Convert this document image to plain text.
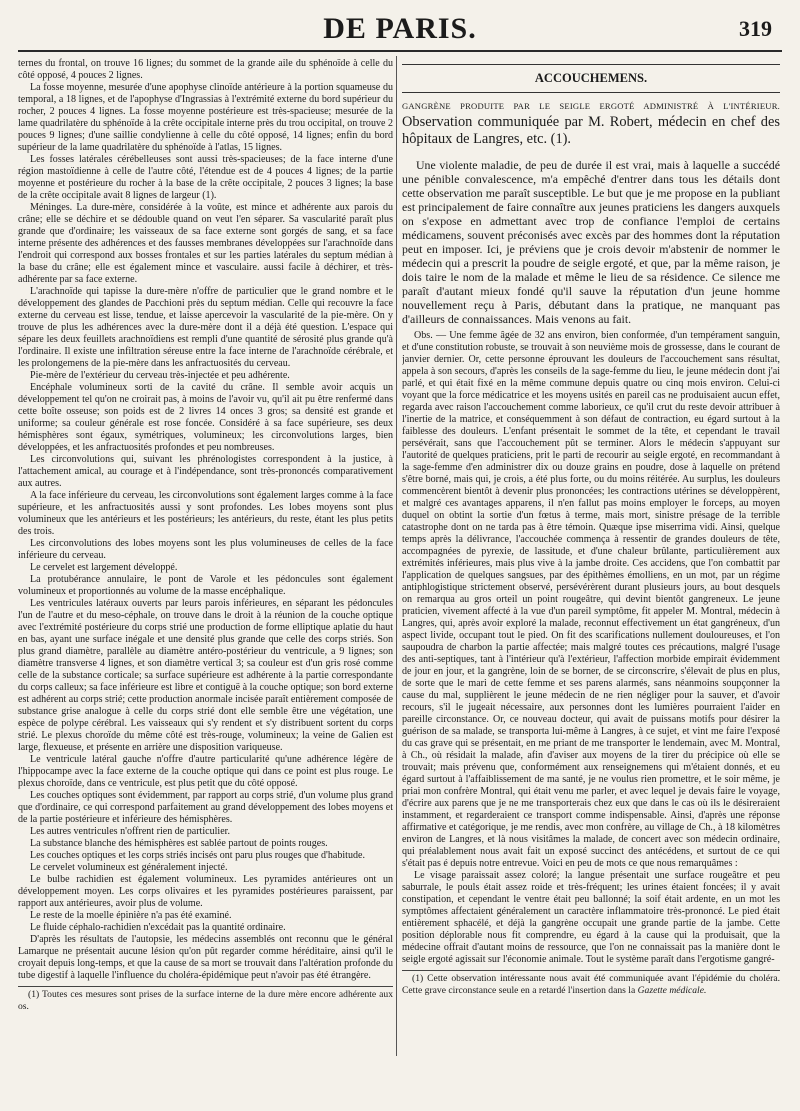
DE PARIS.	319

ternes du frontal, on trouve 16 lignes; du sommet de la grande aile du sphénoïde à celle du côté opposé, 4 pouces 2 lignes.

La fosse moyenne, mesurée d'une apophyse clinoïde antérieure à la portion squameuse du temporal, a 18 lignes, et de l'apophyse d'Ingrassias à l'extrémité externe du bord supérieur du rocher, 2 pouces 4 lignes. La fosse moyenne postérieure est très-spacieuse; mesurée de la lame quadrilatère du sphénoïde à la crête occipitale interne près du trou occipital, on trouve 2 pouces 9 lignes; d'une saillie condylienne à celle du côté opposé, 14 lignes; enfin du bord supérieur de la lame quadrilatère du sphénoïde à l'atlas, 15 lignes.

Les fosses latérales cérébelleuses sont aussi très-spacieuses; de la face interne d'une région mastoïdienne à celle de l'autre côté, l'étendue est de 4 pouces 4 lignes; de la partie moyenne et postérieure du rocher à la base de la crête occipitale, 2 pouces 3 lignes; la base de la crête occipitale avait 8 lignes de largeur (1).

Méninges. La dure-mère, considérée à la voûte, est mince et adhérente aux parois du crâne; elle se déchire et se dédouble quand on veut l'en séparer. Sa vascularité paraît plus grande que d'ordinaire; les vaisseaux de sa face externe sont gorgés de sang, et sa face interne présente des adhérences et des fausses membranes développées sur l'arachnoïde dans l'endroit qui correspond aux bosses frontales et sur les parties latérales du septum médian à la base du crâne; elle est également mince et vasculaire. aussi facile à déchirer, et très-adhérente par sa face externe.

L'arachnoïde qui tapisse la dure-mère n'offre de particulier que le grand nombre et le développement des glandes de Pacchioni près du septum médian. Celle qui recouvre la face externe du cerveau est lisse, tendue, et laisse apercevoir la vascularité de la pie-mère. On y trouve de plus les adhérences avec la dure-mère dont il a déjà été question. L'espace qui sépare les deux feuillets arachnoïdiens est rempli d'une quantité de sérosité plus grande qu'à l'ordinaire. Il existe une infiltration séreuse entre la face interne de l'arachnoïde cérébrale, et les prolongemens de la pie-mère dans les anfractuosités du cerveau.

Pie-mère de l'extérieur du cerveau très-injectée et peu adhérente.

Encéphale volumineux sorti de la cavité du crâne. Il semble avoir acquis un développement tel qu'on ne croirait pas, à moins de l'avoir vu, qu'il ait pu être renfermé dans cette boîte osseuse; son poids est de 2 livres 14 onces 3 gros; sa densité est grande et uniforme; sa couleur générale est rose foncée. Considéré à sa face supérieure, ses deux hémisphères sont égaux, symétriques, volumineux; les circonvolutions larges, bien développées, et les anfractuosités profondes et peu nombreuses.

Les circonvolutions qui, suivant les phrénologistes correspondent à la justice, à l'attachement amical, au courage et à l'indépendance, sont très-prononcés comparativement aux autres.

A la face inférieure du cerveau, les circonvolutions sont également larges comme à la face supérieure, et les anfractuosités aussi y sont profondes. Les lobes moyens sont plus volumineux que les antérieurs et les postérieurs; les antérieurs, du reste, étant les plus petits des trois.

Les circonvolutions des lobes moyens sont les plus volumineuses de celles de la face inférieure du cerveau.

Le cervelet est largement développé.

La protubérance annulaire, le pont de Varole et les pédoncules sont également volumineux et proportionnés au volume de la masse encéphalique.

Les ventricules latéraux ouverts par leurs parois inférieures, en séparant les pédoncules l'un de l'autre et du meso-céphale, on trouve dans le droit à la réunion de la couche optique avec l'extrémité postérieure du corps strié une production de forme elliptique aplatie du haut en bas, ayant une surface inégale et une densité plus grande que celle des corps striés. Son plus grand diamètre, parallèle au diamètre antéro-postérieur du ventricule, a 9 lignes; son diamètre transverse 4 lignes, et son diamètre vertical 3; sa couleur est d'un gris rosé comme celle de la substance corticale; sa surface supérieure est adhérente à la partie correspondante du corps calleux; sa face inférieure est libre et contiguë à la couche optique; son bord externe est adhérent au corps strié; cette production anormale incisée paraît entièrement composée de substance grise analogue à celle du corps strié dont elle semble être une végétation, une espèce de polype cérébral. Les vaisseaux qui s'y rendent et s'y distribuent sortent du corps strié. Le plexus choroïde du même côté est très-rouge, volumineux; la veine de Galien est large, flexueuse, et présente en arrière une disposition variqueuse.

Le ventricule latéral gauche n'offre d'autre particularité qu'une adhérence légère de l'hippocampe avec la face externe de la couche optique qui dans ce point est plus rouge. Le plexus choroïde, dans ce ventricule, est plus petit que du côté opposé.

Les couches optiques sont évidemment, par rapport au corps strié, d'un volume plus grand que d'ordinaire, ce qui correspond parfaitement au grand développement des lobes moyens et de la partie postérieure et inférieure des hémisphères.

Les autres ventricules n'offrent rien de particulier.

La substance blanche des hémisphères est sablée partout de points rouges.

Les couches optiques et les corps striés incisés ont paru plus rouges que d'habitude.

Le cervelet volumineux est généralement injecté.

Le bulbe rachidien est également volumineux. Les pyramides antérieures ont un développement moyen. Les corps olivaires et les pyramides postérieures paraissent, par rapport aux antérieures, avoir plus de volume.

Le reste de la moelle épinière n'a pas été examiné.

Le fluide céphalo-rachidien n'excédait pas la quantité ordinaire.

D'après les résultats de l'autopsie, les médecins assemblés ont reconnu que le général Lamarque ne présentait aucune lésion qu'on pût regarder comme héréditaire, ainsi qu'il le croyait depuis long-temps, et que la cause de sa mort se trouvait dans l'altération profonde du tube digestif à laquelle l'influence du choléra-épidémique peut n'avoir pas été étrangère.

(1) Toutes ces mesures sont prises de la surface interne de la dure mère encore adhérente aux os.

ACCOUCHEMENS.

GANGRÈNE PRODUITE PAR LE SEIGLE ERGOTÉ ADMINISTRÉ À L'INTÉRIEUR. Observation communiquée par M. Robert, médecin en chef des hôpitaux de Langres, etc. (1).

Une violente maladie, de peu de durée il est vrai, mais à laquelle a succédé une pénible convalescence, m'a empêché d'entrer dans tous les détails dont cette observation me paraît susceptible. Le but que je me propose en la publiant est principalement de faire connaître aux jeunes praticiens les dangers auxquels on s'expose en admettant avec trop de confiance l'emploi de certains médicamens, souvent préconisés avec excès par des hommes dont la réputation peut en imposer. Ici, je préviens que je crois devoir m'abstenir de nommer le médecin qui a prescrit la poudre de seigle ergoté, et que, par la même raison, je dois taire le nom de la malade et même le lieu de sa résidence. Ce silence me paraît d'autant mieux fondé qu'il sauve la réputation d'un jeune homme nouvellement reçu à Paris, débutant dans la pratique, ne manquant pas d'ailleurs de connaissances. Mais venons au fait.

Obs. — Une femme âgée de 32 ans environ, bien conformée, d'un tempérament sanguin, et d'une constitution robuste, se trouvait à son neuvième mois de grossesse, dans le courant de janvier dernier. Or, cette personne éprouvant les douleurs de l'accouchement sans résultat, appela à son secours, d'après les conseils de la sage-femme du lieu, le jeune médecin dont j'ai parlé, et qui était fixé en la même commune depuis quatre ou cinq mois environ. Celui-ci voyant que la force médicatrice et les moyens usités en pareil cas ne produisaient aucun effet, regarda avec raison l'accouchement comme laborieux, ce qu'il crut du reste devoir attribuer à l'inertie de la matrice, et conséquemment à son défaut de contraction, eu égard surtout à la faiblesse des douleurs. L'enfant présentait le sommet de la tête, et cependant le travail persévérait, sans que l'accouchement pût se terminer. Alors le médecin s'appuyant sur l'autorité de quelques praticiens, prit le parti de recourir au seigle ergoté, en recommandant à la sage-femme d'en administrer dix ou douze grains en poudre, dose à laquelle on prétend s'être borné, mais qui, je crois, a été plus forte, ou du moins réitérée. Au surplus, les douleurs commencèrent bientôt à devenir plus prononcées; les contractions utérines se développèrent, et malgré ces avantages apparens, il n'en fallut pas moins employer le forceps, au moyen duquel on obtint la sortie d'un fœtus à terme, mais mort, sinistre présage de la terrible catastrophe dont on ne tarda pas à être témoin. Quæque ipse miserrima vidi. Ainsi, quelque temps après la délivrance, l'accouchée commença à ressentir de grandes douleurs de tête, accompagnées de pyrexie, de lassitude, et d'une chaleur brûlante, particulièrement aux extrémités inférieures, mais plus vive à la jambe droite. Ces accidens, que l'on combattit par l'application de quelques sangsues, par des épithèmes émolliens, en un mot, par un régime antiphlogistique strictement observé, persévérèrent durant plusieurs jours, au bout desquels on remarqua au gros orteil un point rougeâtre, qui devint bientôt gangreneux. Le jeune praticien, vivement affecté à la vue d'un pareil symptôme, fit appeler M. Montral, médecin à Langres, qui, après avoir exploré la malade, reconnut effectivement un état gangréneux, d'un aspect livide, occupant tout le pied. On fit des scarifications nullement douloureuses, et l'on saupoudra de charbon la partie affectée; mais malgré toutes ces précautions, malgré l'usage des anti-septiques, tant à l'intérieur qu'à l'extérieur, l'affection morbide empirait évidemment de jour en jour, et la gangrène, loin de se borner, de se circonscrire, s'élevait de plus en plus, de sorte que le mari de cette femme et ses parens alarmés, sans néanmoins soupçonner la cause du mal, supplièrent le jeune médecin de ne rien négliger pour la sauver, et d'avoir recours, s'il le jugeait nécessaire, aux personnes dont les lumières pourraient l'aider en pareille circonstance. Or, ce nouveau docteur, qui avait de puissans motifs pour désirer la guérison de sa malade, se transporta lui-même à Langres, à ce sujet, et vint me faire l'exposé du cas grave qui se présentait, en me priant de me transporter le lendemain, avec M. Montral, à Ch., où résidait la malade, afin d'aviser aux moyens de la tirer du précipice où elle se trouvait; mais prévenu que, conformément aux renseignemens qui m'étaient donnés, et eu égard surtout à l'affaiblissement de ma santé, je ne voulus rien promettre, et le soir même, je priai mon confrère Montral, qui était venu me parler, et avec lequel je devais faire le voyage, d'écrire aux parens que je ne me transporterais chez eux que dans le cas où ils le désireraient instamment, et regarderaient ce transport comme indispensable. Ainsi, d'après une réponse affirmative et catégorique, je me rendis, avec mon confrère, au village de Ch., à 18 kilomètres environ de Langres, et là nous visitâmes la malade, de concert avec son médecin ordinaire, qui préalablement nous avait fait un exposé succinct des antécédens, et surtout de ce qui s'était pas é depuis notre entrevue. Voici en peu de mots ce que nous remarquâmes :

Le visage paraissait assez coloré; la langue présentait une surface rougeâtre et peu saburrale, le pouls était assez roide et très-fréquent; les urines étaient foncées; il y avait constipation, et cependant le ventre était peu ballonné; la soif était ardente, en un mot les symptômes affectaient généralement un caractère inflammatoire très-prononcé. Le pied était entièrement sphacélé, et déjà la gangrène occupait une grande partie de la jambe. Cette position déplorable nous fit comprendre, eu égard à la cause qui la produisait, que la médecine offrait d'autant moins de ressource, que l'on ne connaissait pas la manière dont le seigle ergoté agissait sur l'économie animale. Tout le système paraît dans l'ergotisme gangré-

(1) Cette observation intéressante nous avait été communiquée avant l'épidémie du choléra. Cette grave circonstance seule en a retardé l'insertion dans la Gazette médicale.
